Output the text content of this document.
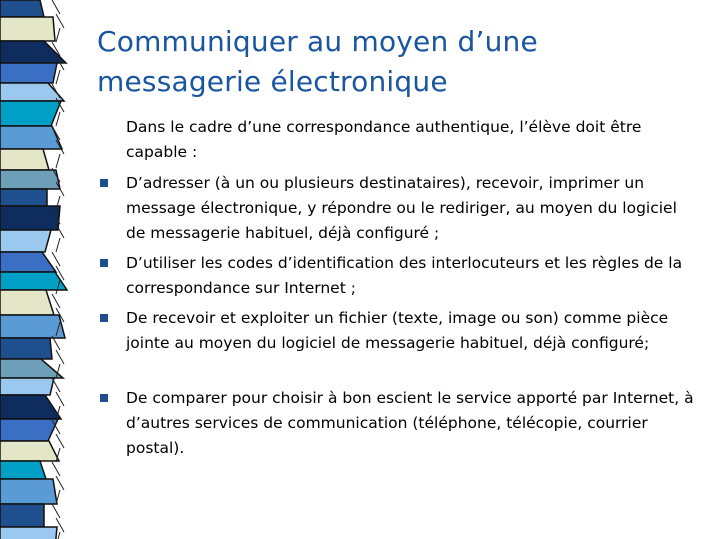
Communiquer au moyen d’une
messagerie électronique

Dans le cadre d’une correspondance authentique, l’élève doit être capable :

D’adresser (à un ou plusieurs destinataires), recevoir, imprimer un message électronique, y répondre ou le rediriger, au moyen du logiciel de messagerie habituel, déjà configuré ;
D’utiliser les codes d’identification des interlocuteurs et les règles de la correspondance sur Internet ;
De recevoir et exploiter un fichier (texte, image ou son) comme pièce jointe au moyen du logiciel de messagerie habituel, déjà configuré;
De comparer pour choisir à bon escient le service apporté par Internet, à d’autres services de communication (téléphone, télécopie, courrier postal).
